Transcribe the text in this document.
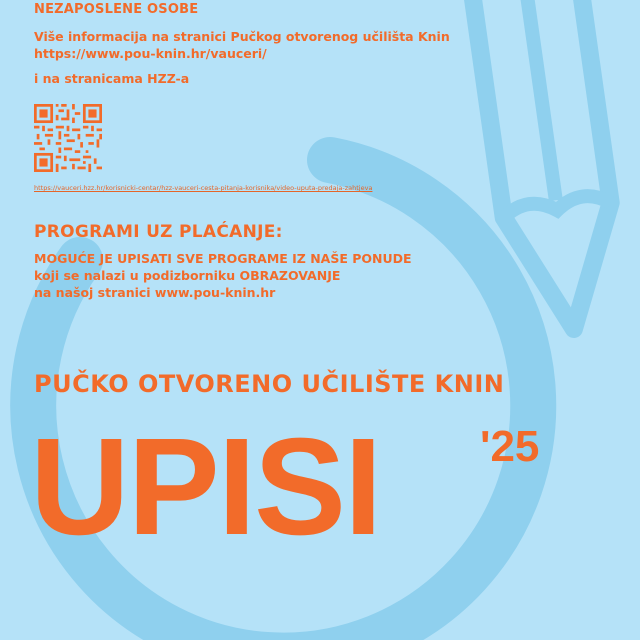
NEZAPOSLENE OSOBE
Više informacija na stranici Pučkog otvorenog učilišta Knin
https://www.pou-knin.hr/vauceri/
i na stranicama HZZ-a
https://vauceri.hzz.hr/korisnicki-centar/hzz-vauceri-cesta-pitanja-korisnika/video-uputa-predaja-zahtjeva
PROGRAMI UZ PLAĆANJE:
MOGUĆE JE UPISATI SVE PROGRAME IZ NAŠE PONUDE
koji se nalazi u podizborniku OBRAZOVANJE
na našoj stranici www.pou-knin.hr
PUČKO OTVORENO UČILIŠTE KNIN
UPISI '25
